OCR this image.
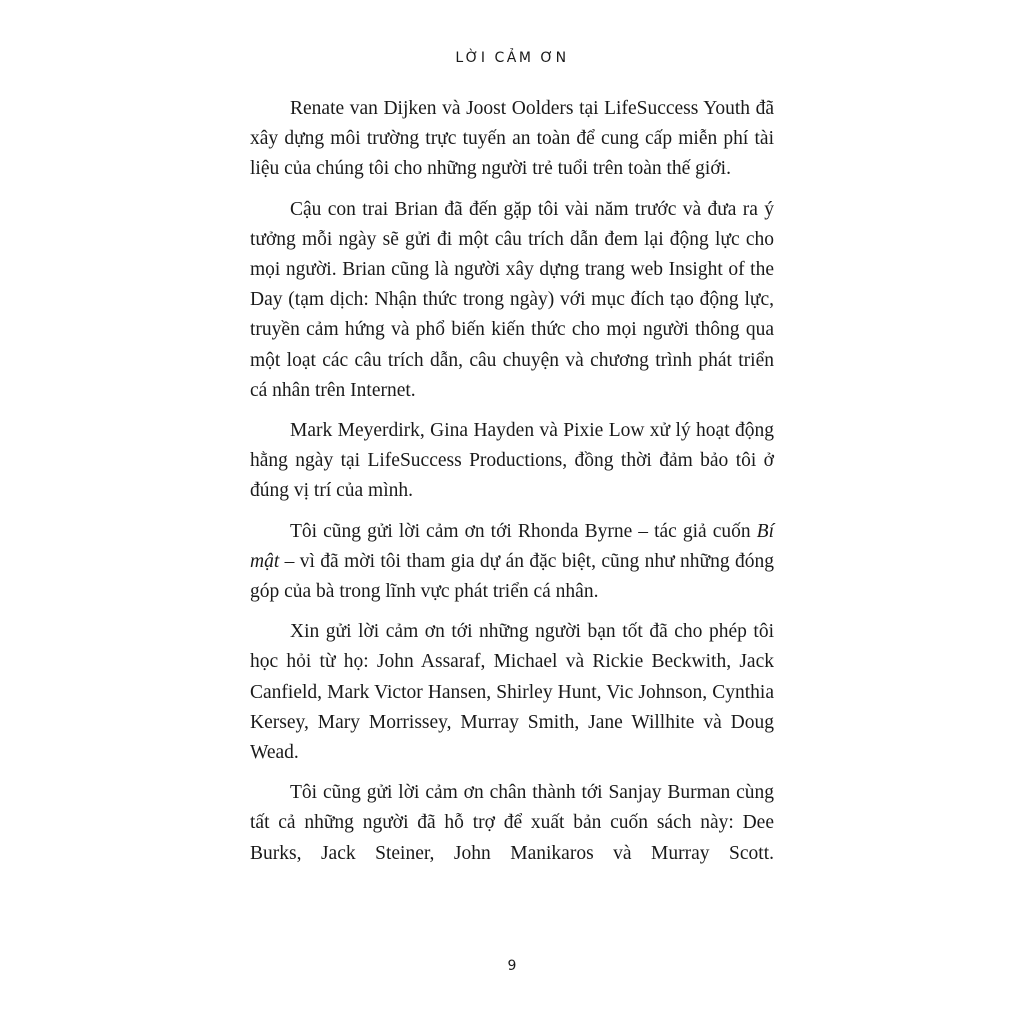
LỜI CẢM ƠN

Renate van Dijken và Joost Oolders tại LifeSuccess Youth đã xây dựng môi trường trực tuyến an toàn để cung cấp miễn phí tài liệu của chúng tôi cho những người trẻ tuổi trên toàn thế giới.

Cậu con trai Brian đã đến gặp tôi vài năm trước và đưa ra ý tưởng mỗi ngày sẽ gửi đi một câu trích dẫn đem lại động lực cho mọi người. Brian cũng là người xây dựng trang web Insight of the Day (tạm dịch: Nhận thức trong ngày) với mục đích tạo động lực, truyền cảm hứng và phổ biến kiến thức cho mọi người thông qua một loạt các câu trích dẫn, câu chuyện và chương trình phát triển cá nhân trên Internet.

Mark Meyerdirk, Gina Hayden và Pixie Low xử lý hoạt động hằng ngày tại LifeSuccess Productions, đồng thời đảm bảo tôi ở đúng vị trí của mình.

Tôi cũng gửi lời cảm ơn tới Rhonda Byrne – tác giả cuốn Bí mật – vì đã mời tôi tham gia dự án đặc biệt, cũng như những đóng góp của bà trong lĩnh vực phát triển cá nhân.

Xin gửi lời cảm ơn tới những người bạn tốt đã cho phép tôi học hỏi từ họ: John Assaraf, Michael và Rickie Beckwith, Jack Canfield, Mark Victor Hansen, Shirley Hunt, Vic Johnson, Cynthia Kersey, Mary Morrissey, Murray Smith, Jane Willhite và Doug Wead.

Tôi cũng gửi lời cảm ơn chân thành tới Sanjay Burman cùng tất cả những người đã hỗ trợ để xuất bản cuốn sách này: Dee Burks, Jack Steiner, John Manikaros và Murray Scott.

9
